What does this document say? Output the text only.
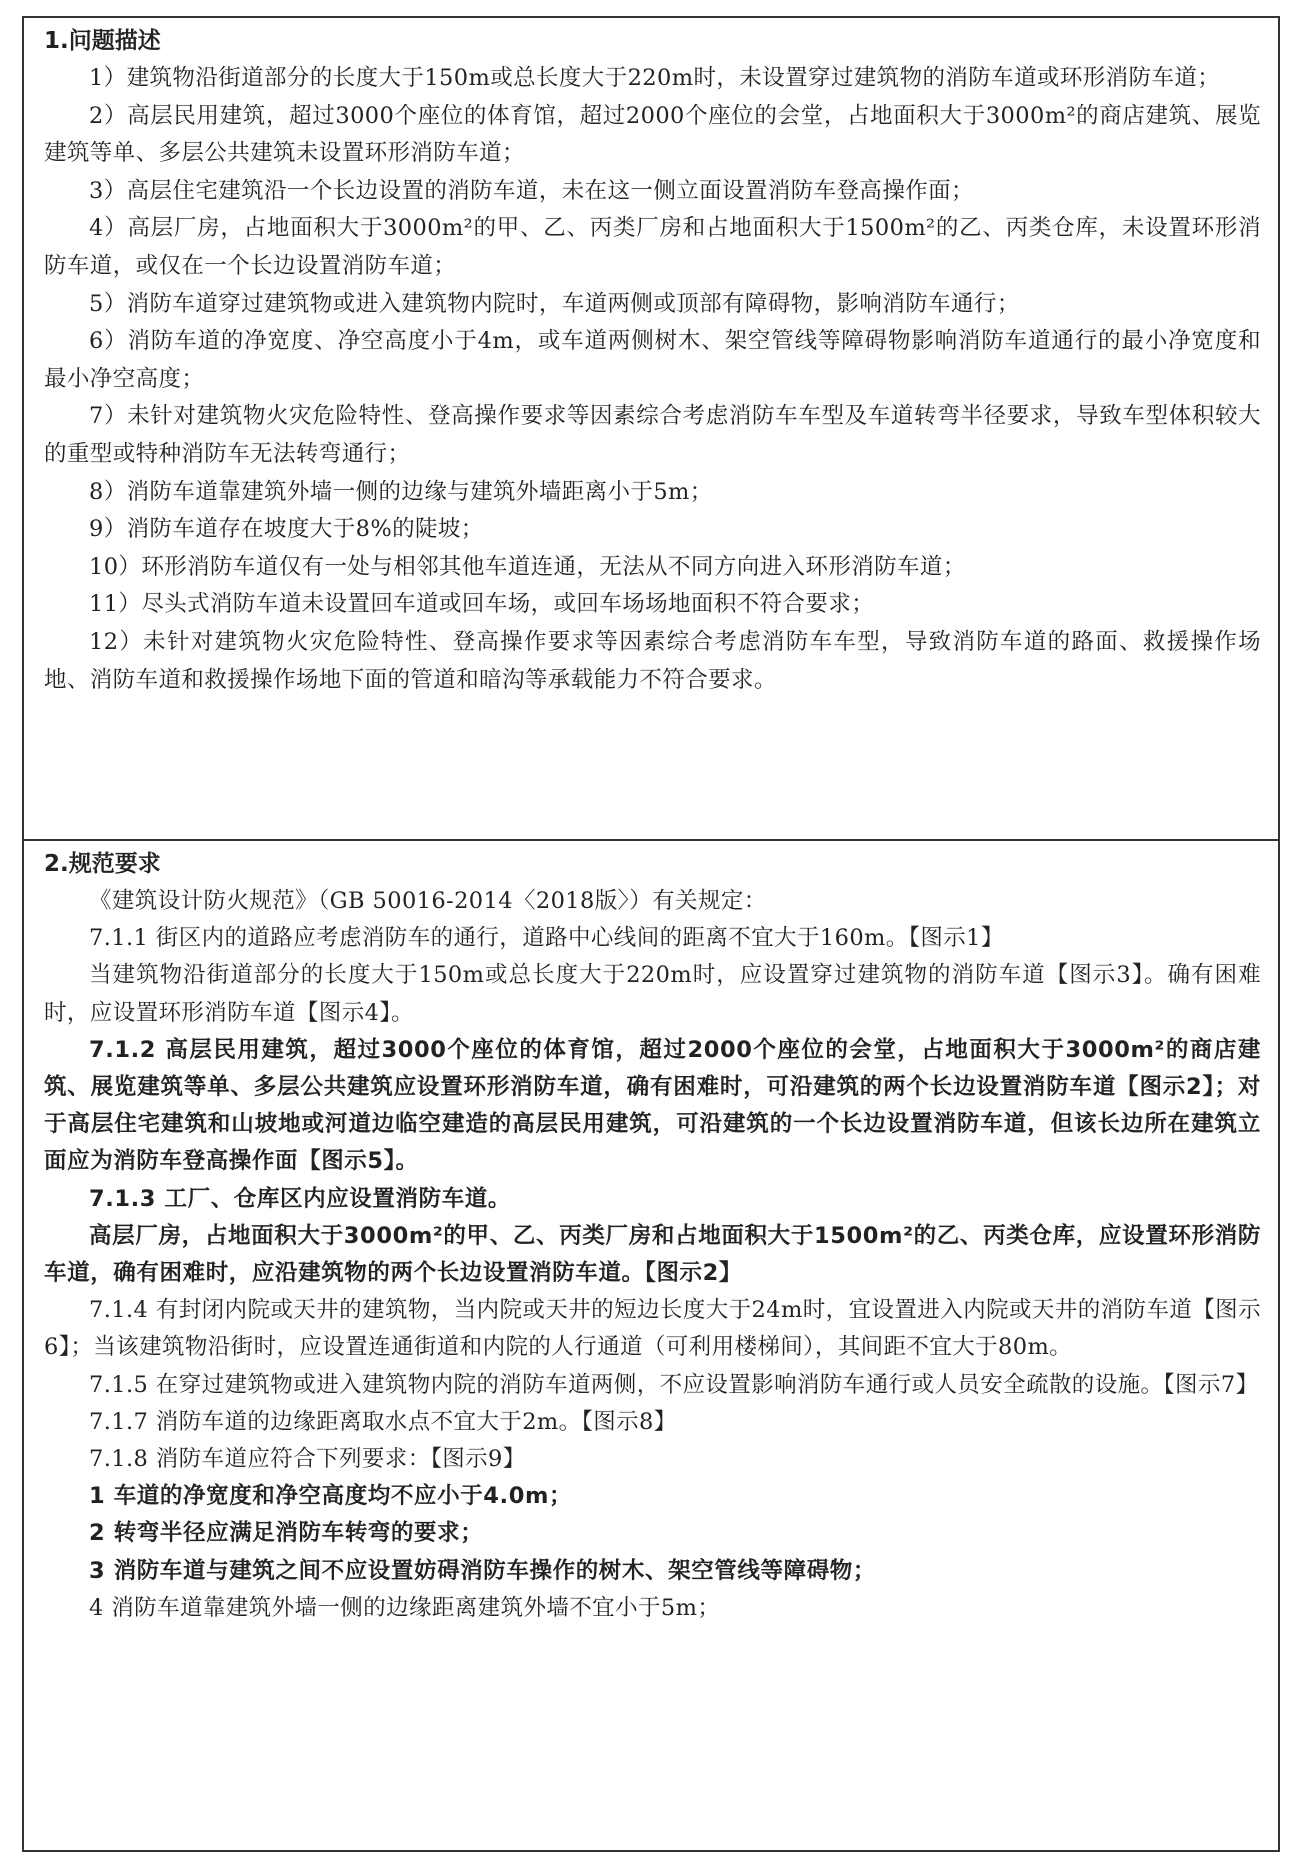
1.问题描述
1）建筑物沿街道部分的长度大于150m或总长度大于220m时，未设置穿过建筑物的消防车道或环形消防车道；
2）高层民用建筑，超过3000个座位的体育馆，超过2000个座位的会堂，占地面积大于3000m²的商店建筑、展览建筑等单、多层公共建筑未设置环形消防车道；
3）高层住宅建筑沿一个长边设置的消防车道，未在这一侧立面设置消防车登高操作面；
4）高层厂房，占地面积大于3000m²的甲、乙、丙类厂房和占地面积大于1500m²的乙、丙类仓库，未设置环形消防车道，或仅在一个长边设置消防车道；
5）消防车道穿过建筑物或进入建筑物内院时，车道两侧或顶部有障碍物，影响消防车通行；
6）消防车道的净宽度、净空高度小于4m，或车道两侧树木、架空管线等障碍物影响消防车道通行的最小净宽度和最小净空高度；
7）未针对建筑物火灾危险特性、登高操作要求等因素综合考虑消防车车型及车道转弯半径要求，导致车型体积较大的重型或特种消防车无法转弯通行；
8）消防车道靠建筑外墙一侧的边缘与建筑外墙距离小于5m；
9）消防车道存在坡度大于8%的陡坡；
10）环形消防车道仅有一处与相邻其他车道连通，无法从不同方向进入环形消防车道；
11）尽头式消防车道未设置回车道或回车场，或回车场场地面积不符合要求；
12）未针对建筑物火灾危险特性、登高操作要求等因素综合考虑消防车车型，导致消防车道的路面、救援操作场地、消防车道和救援操作场地下面的管道和暗沟等承载能力不符合要求。
2.规范要求
《建筑设计防火规范》（GB 50016-2014〈2018版〉）有关规定：
7.1.1 街区内的道路应考虑消防车的通行，道路中心线间的距离不宜大于160m。【图示1】
当建筑物沿街道部分的长度大于150m或总长度大于220m时，应设置穿过建筑物的消防车道【图示3】。确有困难时，应设置环形消防车道【图示4】。
7.1.2 高层民用建筑，超过3000个座位的体育馆，超过2000个座位的会堂，占地面积大于3000m²的商店建筑、展览建筑等单、多层公共建筑应设置环形消防车道，确有困难时，可沿建筑的两个长边设置消防车道【图示2】；对于高层住宅建筑和山坡地或河道边临空建造的高层民用建筑，可沿建筑的一个长边设置消防车道，但该长边所在建筑立面应为消防车登高操作面【图示5】。
7.1.3 工厂、仓库区内应设置消防车道。
高层厂房，占地面积大于3000m²的甲、乙、丙类厂房和占地面积大于1500m²的乙、丙类仓库，应设置环形消防车道，确有困难时，应沿建筑物的两个长边设置消防车道。【图示2】
7.1.4 有封闭内院或天井的建筑物，当内院或天井的短边长度大于24m时，宜设置进入内院或天井的消防车道【图示6】；当该建筑物沿街时，应设置连通街道和内院的人行通道（可利用楼梯间），其间距不宜大于80m。
7.1.5 在穿过建筑物或进入建筑物内院的消防车道两侧，不应设置影响消防车通行或人员安全疏散的设施。【图示7】
7.1.7 消防车道的边缘距离取水点不宜大于2m。【图示8】
7.1.8 消防车道应符合下列要求：【图示9】
1 车道的净宽度和净空高度均不应小于4.0m；
2 转弯半径应满足消防车转弯的要求；
3 消防车道与建筑之间不应设置妨碍消防车操作的树木、架空管线等障碍物；
4 消防车道靠建筑外墙一侧的边缘距离建筑外墙不宜小于5m；
